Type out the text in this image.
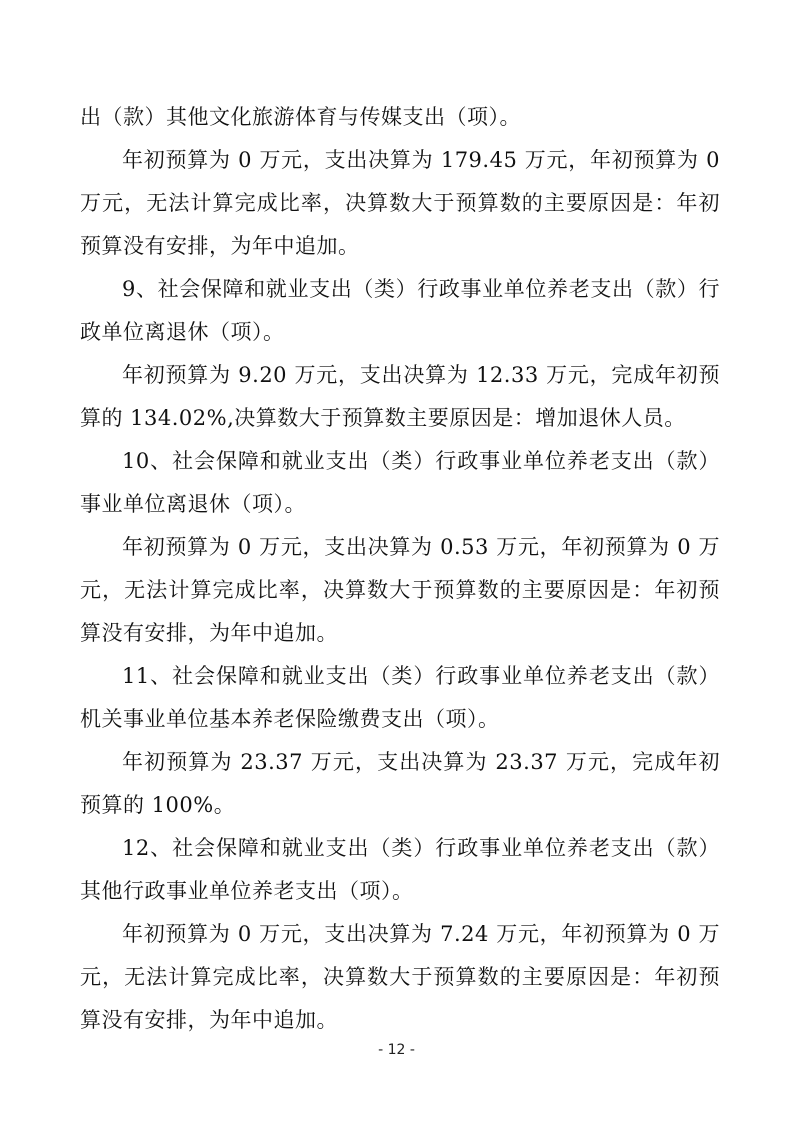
出（款）其他文化旅游体育与传媒支出（项）。

年初预算为 0 万元，支出决算为 179.45 万元，年初预算为 0 万元，无法计算完成比率，决算数大于预算数的主要原因是：年初预算没有安排，为年中追加。

9、社会保障和就业支出（类）行政事业单位养老支出（款）行政单位离退休（项）。

年初预算为 9.20 万元，支出决算为 12.33 万元，完成年初预算的 134.02%,决算数大于预算数主要原因是：增加退休人员。

10、社会保障和就业支出（类）行政事业单位养老支出（款）事业单位离退休（项）。

年初预算为 0 万元，支出决算为 0.53 万元，年初预算为 0 万元，无法计算完成比率，决算数大于预算数的主要原因是：年初预算没有安排，为年中追加。

11、社会保障和就业支出（类）行政事业单位养老支出（款）机关事业单位基本养老保险缴费支出（项）。

年初预算为 23.37 万元，支出决算为 23.37 万元，完成年初预算的 100%。

12、社会保障和就业支出（类）行政事业单位养老支出（款）其他行政事业单位养老支出（项）。

年初预算为 0 万元，支出决算为 7.24 万元，年初预算为 0 万元，无法计算完成比率，决算数大于预算数的主要原因是：年初预算没有安排，为年中追加。

- 12 -
